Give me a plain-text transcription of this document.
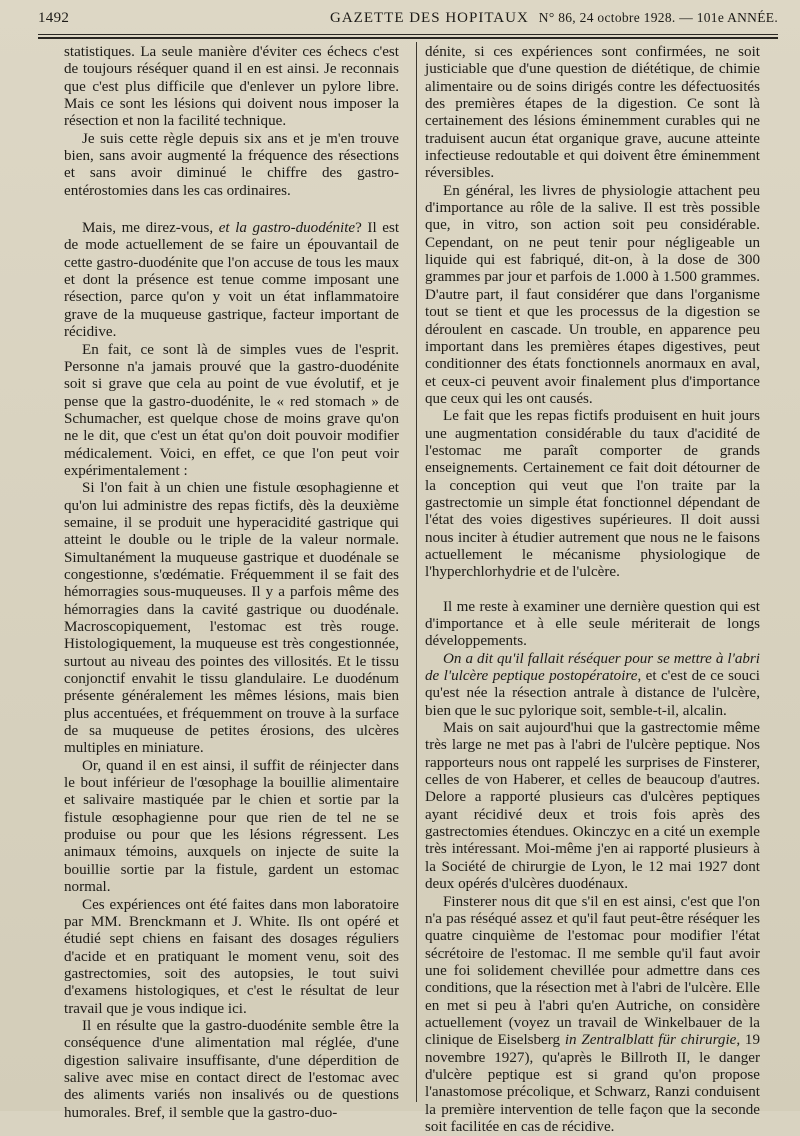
1492	GAZETTE DES HOPITAUX N° 86, 24 octobre 1928. — 101e ANNÉE.

statistiques. La seule manière d'éviter ces échecs c'est de toujours réséquer quand il en est ainsi. Je reconnais que c'est plus difficile que d'enlever un pylore libre. Mais ce sont les lésions qui doivent nous imposer la résection et non la facilité technique.

Je suis cette règle depuis six ans et je m'en trouve bien, sans avoir augmenté la fréquence des résections et sans avoir diminué le chiffre des gastro-entérostomies dans les cas ordinaires.

Mais, me direz-vous, et la gastro-duodénite? Il est de mode actuellement de se faire un épouvantail de cette gastro-duodénite que l'on accuse de tous les maux et dont la présence est tenue comme imposant une résection, parce qu'on y voit un état inflammatoire grave de la muqueuse gastrique, facteur important de récidive.

En fait, ce sont là de simples vues de l'esprit. Personne n'a jamais prouvé que la gastro-duodénite soit si grave que cela au point de vue évolutif, et je pense que la gastro-duodénite, le « red stomach » de Schumacher, est quelque chose de moins grave qu'on ne le dit, que c'est un état qu'on doit pouvoir modifier médicalement. Voici, en effet, ce que l'on peut voir expérimentalement :

Si l'on fait à un chien une fistule œsophagienne et qu'on lui administre des repas fictifs, dès la deuxième semaine, il se produit une hyperacidité gastrique qui atteint le double ou le triple de la valeur normale. Simultanément la muqueuse gastrique et duodénale se congestionne, s'œdématie. Fréquemment il se fait des hémorragies sous-muqueuses. Il y a parfois même des hémorragies dans la cavité gastrique ou duodénale. Macroscopiquement, l'estomac est très rouge. Histologiquement, la muqueuse est très congestionnée, surtout au niveau des pointes des villosités. Et le tissu conjonctif envahit le tissu glandulaire. Le duodénum présente généralement les mêmes lésions, mais bien plus accentuées, et fréquemment on trouve à la surface de sa muqueuse de petites érosions, des ulcères multiples en miniature.

Or, quand il en est ainsi, il suffit de réinjecter dans le bout inférieur de l'œsophage la bouillie alimentaire et salivaire mastiquée par le chien et sortie par la fistule œsophagienne pour que rien de tel ne se produise ou pour que les lésions régressent. Les animaux témoins, auxquels on injecte de suite la bouillie sortie par la fistule, gardent un estomac normal.

Ces expériences ont été faites dans mon laboratoire par MM. Brenckmann et J. White. Ils ont opéré et étudié sept chiens en faisant des dosages réguliers d'acide et en pratiquant le moment venu, soit des gastrectomies, soit des autopsies, le tout suivi d'examens histologiques, et c'est le résultat de leur travail que je vous indique ici.

Il en résulte que la gastro-duodénite semble être la conséquence d'une alimentation mal réglée, d'une digestion salivaire insuffisante, d'une déperdition de salive avec mise en contact direct de l'estomac avec des aliments variés non insalivés ou de questions humorales. Bref, il semble que la gastro-duo-

dénite, si ces expériences sont confirmées, ne soit justiciable que d'une question de diététique, de chimie alimentaire ou de soins dirigés contre les défectuosités des premières étapes de la digestion. Ce sont là certainement des lésions éminemment curables qui ne traduisent aucun état organique grave, aucune atteinte infectieuse redoutable et qui doivent être éminemment réversibles.

En général, les livres de physiologie attachent peu d'importance au rôle de la salive. Il est très possible que, in vitro, son action soit peu considérable. Cependant, on ne peut tenir pour négligeable un liquide qui est fabriqué, dit-on, à la dose de 300 grammes par jour et parfois de 1.000 à 1.500 grammes. D'autre part, il faut considérer que dans l'organisme tout se tient et que les processus de la digestion se déroulent en cascade. Un trouble, en apparence peu important dans les premières étapes digestives, peut conditionner des états fonctionnels anormaux en aval, et ceux-ci peuvent avoir finalement plus d'importance que ceux qui les ont causés.

Le fait que les repas fictifs produisent en huit jours une augmentation considérable du taux d'acidité de l'estomac me paraît comporter de grands enseignements. Certainement ce fait doit détourner de la conception qui veut que l'on traite par la gastrectomie un simple état fonctionnel dépendant de l'état des voies digestives supérieures. Il doit aussi nous inciter à étudier autrement que nous ne le faisons actuellement le mécanisme physiologique de l'hyperchlorhydrie et de l'ulcère.

Il me reste à examiner une dernière question qui est d'importance et à elle seule mériterait de longs développements.

On a dit qu'il fallait réséquer pour se mettre à l'abri de l'ulcère peptique postopératoire, et c'est de ce souci qu'est née la résection antrale à distance de l'ulcère, bien que le suc pylorique soit, semble-t-il, alcalin.

Mais on sait aujourd'hui que la gastrectomie même très large ne met pas à l'abri de l'ulcère peptique. Nos rapporteurs nous ont rappelé les surprises de Finsterer, celles de von Haberer, et celles de beaucoup d'autres. Delore a rapporté plusieurs cas d'ulcères peptiques ayant récidivé deux et trois fois après des gastrectomies étendues. Okinczyc en a cité un exemple très intéressant. Moi-même j'en ai rapporté plusieurs à la Société de chirurgie de Lyon, le 12 mai 1927 dont deux opérés d'ulcères duodénaux.

Finsterer nous dit que s'il en est ainsi, c'est que l'on n'a pas réséqué assez et qu'il faut peut-être réséquer les quatre cinquième de l'estomac pour modifier l'état sécrétoire de l'estomac. Il me semble qu'il faut avoir une foi solidement chevillée pour admettre dans ces conditions, que la résection met à l'abri de l'ulcère. Elle en met si peu à l'abri qu'en Autriche, on considère actuellement (voyez un travail de Winkelbauer de la clinique de Eiselsberg in Zentralblatt für chirurgie, 19 novembre 1927), qu'après le Billroth II, le danger d'ulcère peptique est si grand qu'on propose l'anastomose précolique, et Schwarz, Ranzi conduisent la première intervention de telle façon que la seconde soit facilitée en cas de récidive.
